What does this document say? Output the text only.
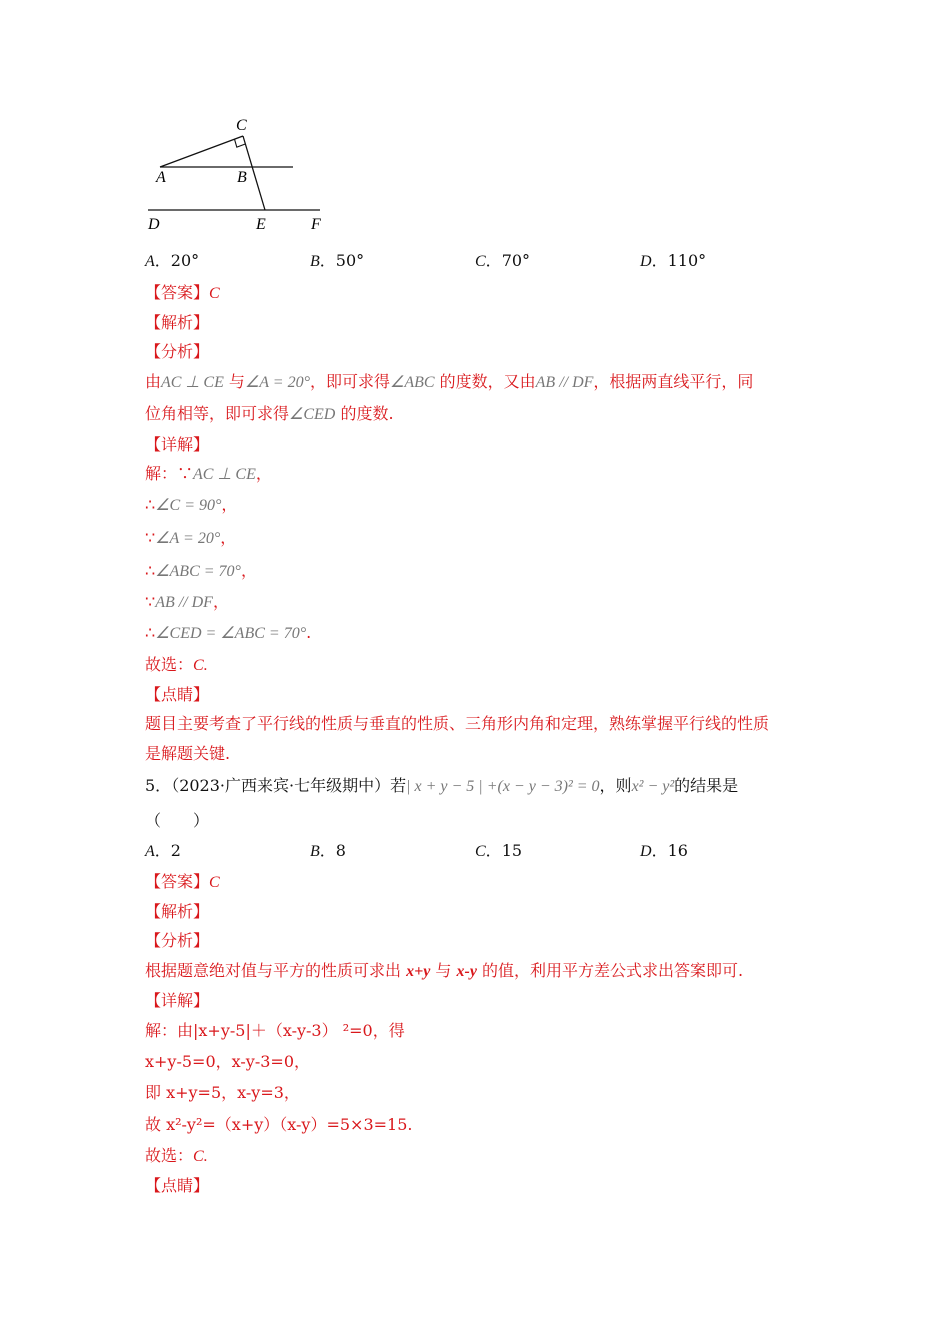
C
A	B
D	E	F
A．20°	B．50°	C．70°	D．110°
【答案】C
【解析】
【分析】
由AC ⊥ CE 与∠A = 20°，即可求得∠ABC 的度数，又由AB // DF，根据两直线平行，同
位角相等，即可求得∠CED 的度数.
【详解】
解：∵AC ⊥ CE，
∴∠C = 90°，
∵∠A = 20°，
∴∠ABC = 70°，
∵AB // DF，
∴∠CED = ∠ABC = 70°.
故选：C.
【点睛】
题目主要考查了平行线的性质与垂直的性质、三角形内角和定理，熟练掌握平行线的性质
是解题关键.
5．（2023·广西来宾·七年级期中）若| x + y − 5 | +(x − y − 3)² = 0，则x² − y²的结果是
（　　）
A．2	B．8	C．15	D．16
【答案】C
【解析】
【分析】
根据题意绝对值与平方的性质可求出 x+y 与 x-y 的值，利用平方差公式求出答案即可.
【详解】
解：由|x+y-5|＋（x-y-3） ²=0，得
x+y-5=0，x-y-3=0，
即 x+y=5，x-y=3，
故 x²-y²=（x+y）（x-y）=5×3=15.
故选：C.
【点睛】
